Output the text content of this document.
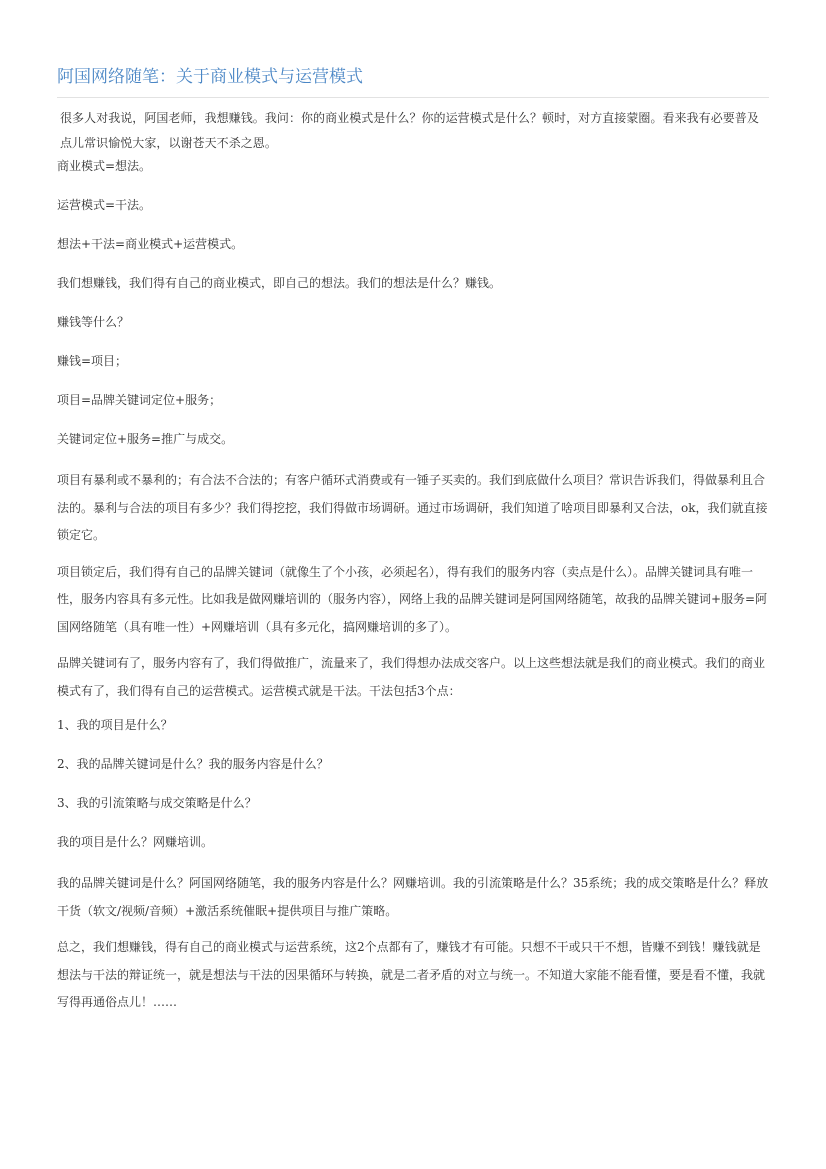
阿国网络随笔：关于商业模式与运营模式

很多人对我说，阿国老师，我想赚钱。我问：你的商业模式是什么？你的运营模式是什么？顿时，对方直接蒙圈。看来我有必要普及点儿常识愉悦大家，以谢苍天不杀之恩。

商业模式=想法。

运营模式=干法。

想法+干法=商业模式+运营模式。

我们想赚钱，我们得有自己的商业模式，即自己的想法。我们的想法是什么？赚钱。

赚钱等什么？

赚钱=项目；

项目=品牌关键词定位+服务；

关键词定位+服务=推广与成交。

项目有暴利或不暴利的；有合法不合法的；有客户循环式消费或有一锤子买卖的。我们到底做什么项目？常识告诉我们，得做暴利且合法的。暴利与合法的项目有多少？我们得挖挖，我们得做市场调研。通过市场调研，我们知道了啥项目即暴利又合法，ok，我们就直接锁定它。

项目锁定后，我们得有自己的品牌关键词（就像生了个小孩，必须起名），得有我们的服务内容（卖点是什么）。品牌关键词具有唯一性，服务内容具有多元性。比如我是做网赚培训的（服务内容），网络上我的品牌关键词是阿国网络随笔，故我的品牌关键词+服务=阿国网络随笔（具有唯一性）+网赚培训（具有多元化，搞网赚培训的多了）。

品牌关键词有了，服务内容有了，我们得做推广，流量来了，我们得想办法成交客户。以上这些想法就是我们的商业模式。我们的商业模式有了，我们得有自己的运营模式。运营模式就是干法。干法包括3个点：

1、我的项目是什么？

2、我的品牌关键词是什么？我的服务内容是什么？

3、我的引流策略与成交策略是什么？

我的项目是什么？网赚培训。

我的品牌关键词是什么？阿国网络随笔，我的服务内容是什么？网赚培训。我的引流策略是什么？35系统；我的成交策略是什么？释放干货（软文/视频/音频）+激活系统催眠+提供项目与推广策略。

总之，我们想赚钱，得有自己的商业模式与运营系统，这2个点都有了，赚钱才有可能。只想不干或只干不想，皆赚不到钱！赚钱就是想法与干法的辩证统一，就是想法与干法的因果循环与转换，就是二者矛盾的对立与统一。不知道大家能不能看懂，要是看不懂，我就写得再通俗点儿！……
